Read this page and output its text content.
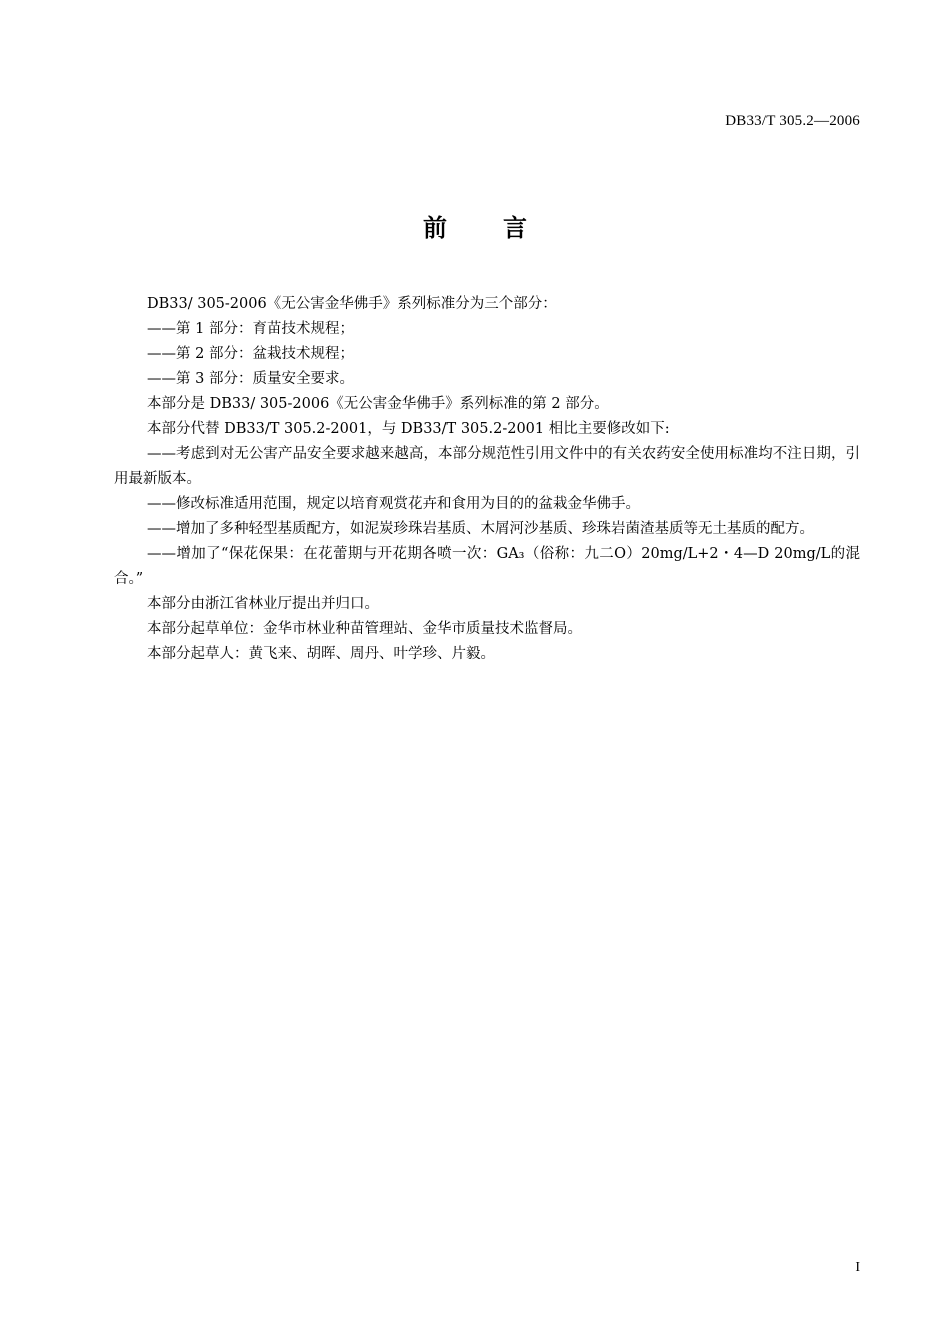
DB33/T 305.2—2006
前 言

DB33/ 305-2006《无公害金华佛手》系列标准分为三个部分：

——第 1 部分：育苗技术规程；

——第 2 部分：盆栽技术规程；

——第 3 部分：质量安全要求。

本部分是 DB33/ 305-2006《无公害金华佛手》系列标准的第 2 部分。

本部分代替 DB33/T 305.2-2001，与 DB33/T 305.2-2001 相比主要修改如下:

——考虑到对无公害产品安全要求越来越高，本部分规范性引用文件中的有关农药安全使用标准均不注日期，引用最新版本。

——修改标准适用范围，规定以培育观赏花卉和食用为目的的盆栽金华佛手。

——增加了多种轻型基质配方，如泥炭珍珠岩基质、木屑河沙基质、珍珠岩菌渣基质等无土基质的配方。

——增加了“保花保果：在花蕾期与开花期各喷一次：GA₃（俗称：九二O）20mg/L+2・4—D 20mg/L的混合。”

本部分由浙江省林业厅提出并归口。

本部分起草单位：金华市林业种苗管理站、金华市质量技术监督局。

本部分起草人：黄飞来、胡晖、周丹、叶学珍、片毅。

I
